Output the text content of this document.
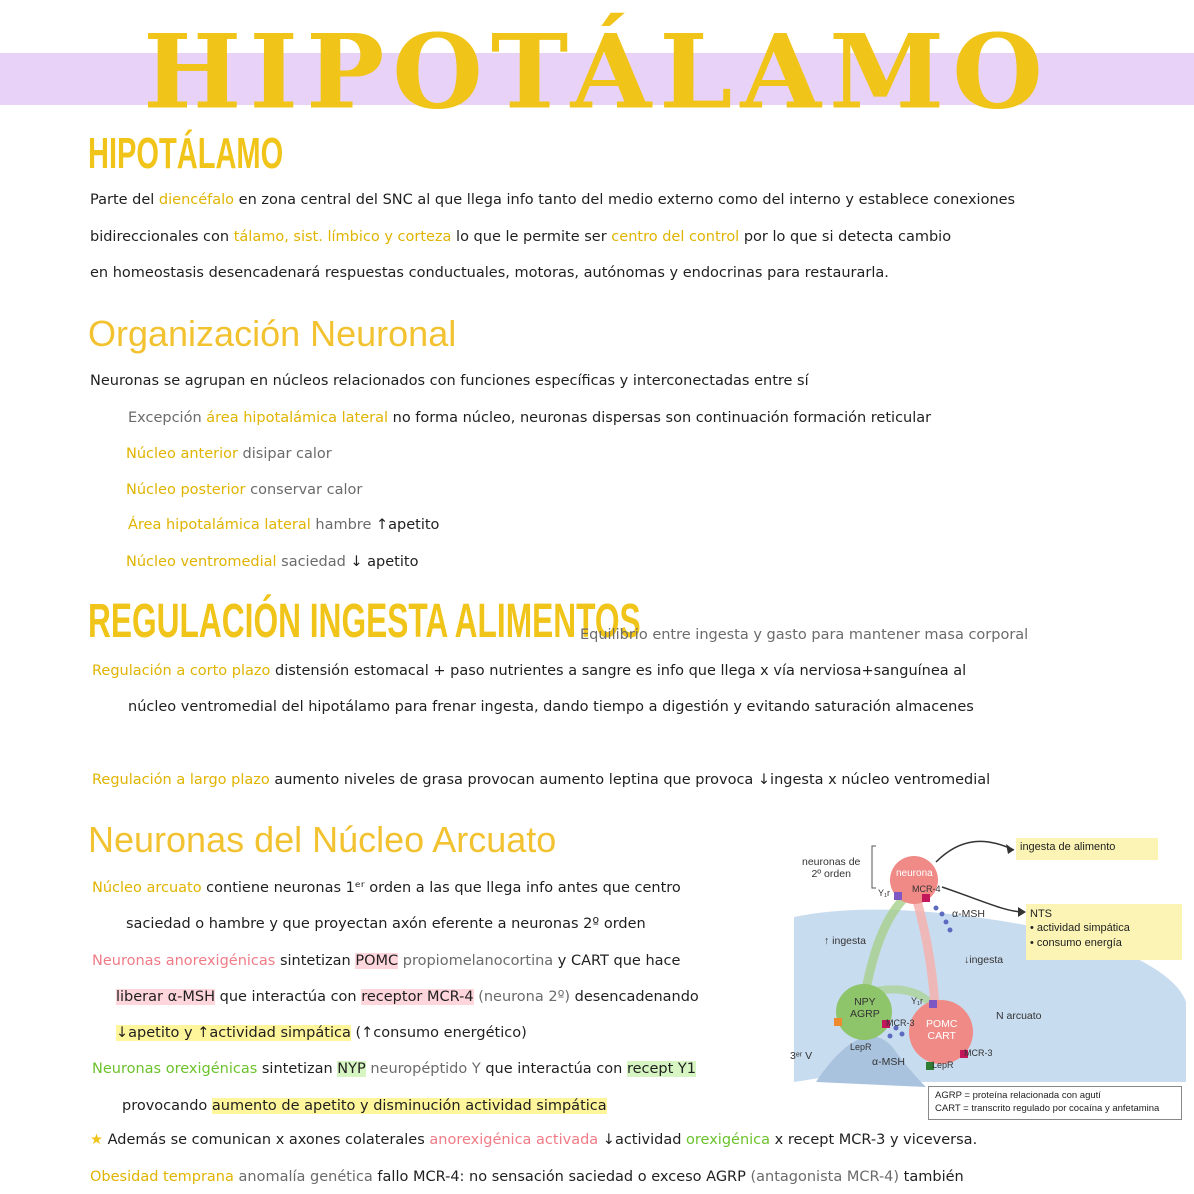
HIPOTÁLAMO
HIPOTÁLAMO
Parte del diencéfalo en zona central del SNC al que llega info tanto del medio externo como del interno y establece conexiones
bidireccionales con tálamo, sist. límbico y corteza lo que le permite ser centro del control por lo que si detecta cambio
en homeostasis desencadenará respuestas conductuales, motoras, autónomas y endocrinas para restaurarla.
Organización Neuronal
Neuronas se agrupan en núcleos relacionados con funciones específicas y interconectadas entre sí
Excepción área hipotalámica lateral no forma núcleo, neuronas dispersas son continuación formación reticular
Núcleo anterior disipar calor
Núcleo posterior conservar calor
Área hipotalámica lateral hambre ↑apetito
Núcleo ventromedial saciedad ↓ apetito
REGULACIÓN INGESTA ALIMENTOS
Equilibrio entre ingesta y gasto para mantener masa corporal
Regulación a corto plazo distensión estomacal + paso nutrientes a sangre es info que llega x vía nerviosa+sanguínea al
núcleo ventromedial del hipotálamo para frenar ingesta, dando tiempo a digestión y evitando saturación almacenes
Regulación a largo plazo aumento niveles de grasa provocan aumento leptina que provoca ↓ingesta x núcleo ventromedial
Neuronas del Núcleo Arcuato
Núcleo arcuato contiene neuronas 1ᵉʳ orden a las que llega info antes que centro
saciedad o hambre y que proyectan axón eferente a neuronas 2º orden
Neuronas anorexigénicas sintetizan POMC propiomelanocortina y CART que hace
liberar α-MSH que interactúa con receptor MCR-4 (neurona 2º) desencadenando
↓apetito y ↑actividad simpática (↑consumo energético)
Neuronas orexigénicas sintetizan NYP neuropéptido Y que interactúa con recept Y1
provocando aumento de apetito y disminución actividad simpática
★ Además se comunican x axones colaterales anorexigénica activada ↓actividad orexigénica x recept MCR-3 y viceversa.
Obesidad temprana anomalía genética fallo MCR-4: no sensación saciedad o exceso AGRP (antagonista MCR-4) también
neuronas de
2º orden
ingesta de alimento
NTS
• actividad simpática
• consumo energía
neurona
MCR-4
Y₁r
α-MSH
↑ ingesta
↓ingesta
NPY
AGRP
MCR-3 POMC
CART
Y₁r
LepR
α-MSH
MCR-3
LepR
N arcuato
3ᵉʳ V
AGRP = proteína relacionada con agutí
CART = transcrito regulado por cocaína y anfetamina
